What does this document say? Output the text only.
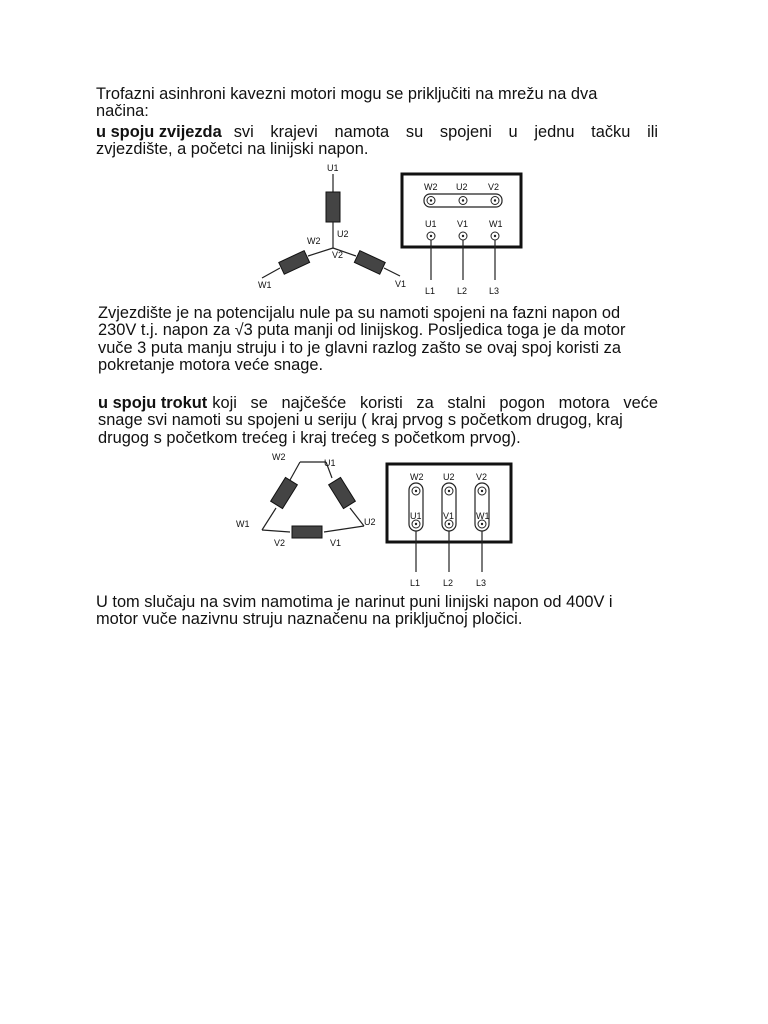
Trofazni asinhroni kavezni motori mogu se priključiti na mrežu na dva
načina:
u spoju zvijezda svi krajevi namota su spojeni u jednu tačku ili
zvjezdište, a početci na linijski napon.
U1
U2
W2
V2
W1	V1
W2 U2 V2
U1 V1 W1
L1 L2 L3
Zvjezdište je na potencijalu nule pa su namoti spojeni na fazni napon od
230V t.j. napon za √3 puta manji od linijskog. Posljedica toga je da motor
vuče 3 puta manju struju i to je glavni razlog zašto se ovaj spoj koristi za
pokretanje motora veće snage.
u spoju trokut koji se najčešće koristi za stalni pogon motora veće
snage svi namoti su spojeni u seriju ( kraj prvog s početkom drugog, kraj
drugog s početkom trećeg i kraj trećeg s početkom prvog).
W2
U1
W1	U2
V2	V1
W2 U2 V2
U1 V1 W1
L1	L2	L3
U tom slučaju na svim namotima je narinut puni linijski napon od 400V i
motor vuče nazivnu struju naznačenu na priključnoj pločici.
